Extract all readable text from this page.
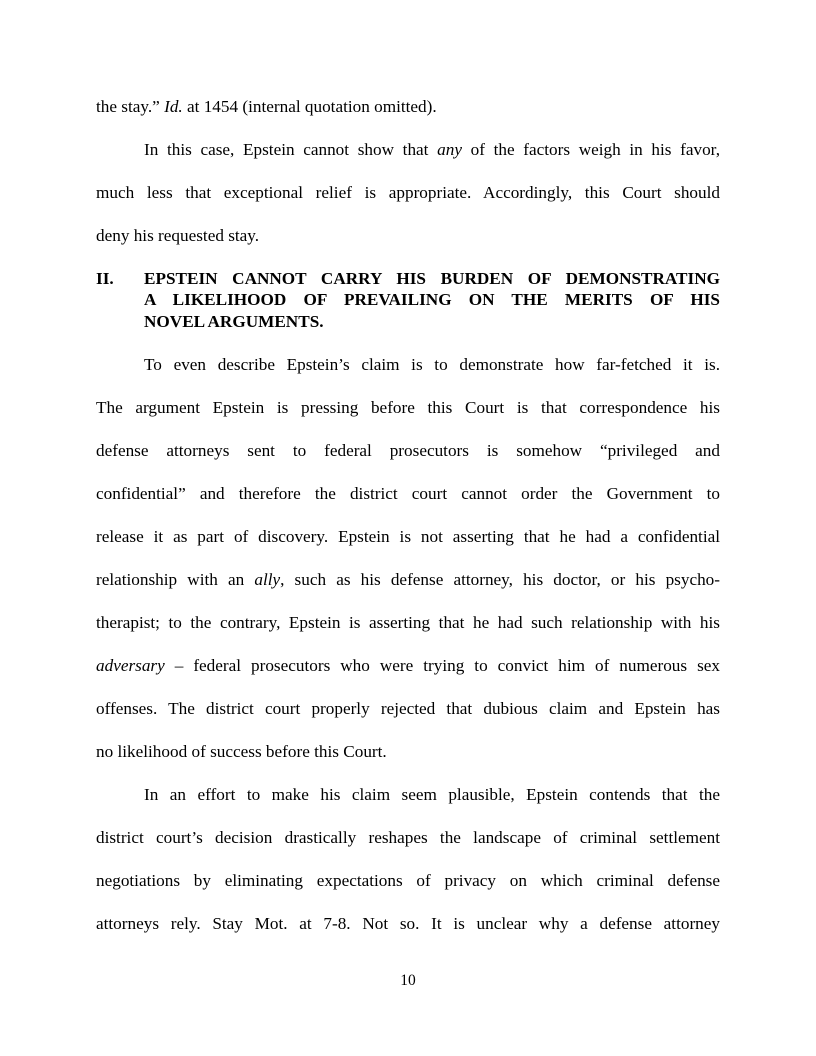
the stay.” Id. at 1454 (internal quotation omitted).
In this case, Epstein cannot show that any of the factors weigh in his favor,
much less that exceptional relief is appropriate. Accordingly, this Court should
deny his requested stay.
II. EPSTEIN CANNOT CARRY HIS BURDEN OF DEMONSTRATING
A LIKELIHOOD OF PREVAILING ON THE MERITS OF HIS
NOVEL ARGUMENTS.
To even describe Epstein’s claim is to demonstrate how far-fetched it is.
The argument Epstein is pressing before this Court is that correspondence his
defense attorneys sent to federal prosecutors is somehow “privileged and
confidential” and therefore the district court cannot order the Government to
release it as part of discovery. Epstein is not asserting that he had a confidential
relationship with an ally, such as his defense attorney, his doctor, or his psycho-
therapist; to the contrary, Epstein is asserting that he had such relationship with his
adversary – federal prosecutors who were trying to convict him of numerous sex
offenses. The district court properly rejected that dubious claim and Epstein has
no likelihood of success before this Court.
In an effort to make his claim seem plausible, Epstein contends that the
district court’s decision drastically reshapes the landscape of criminal settlement
negotiations by eliminating expectations of privacy on which criminal defense
attorneys rely. Stay Mot. at 7-8. Not so. It is unclear why a defense attorney
10
